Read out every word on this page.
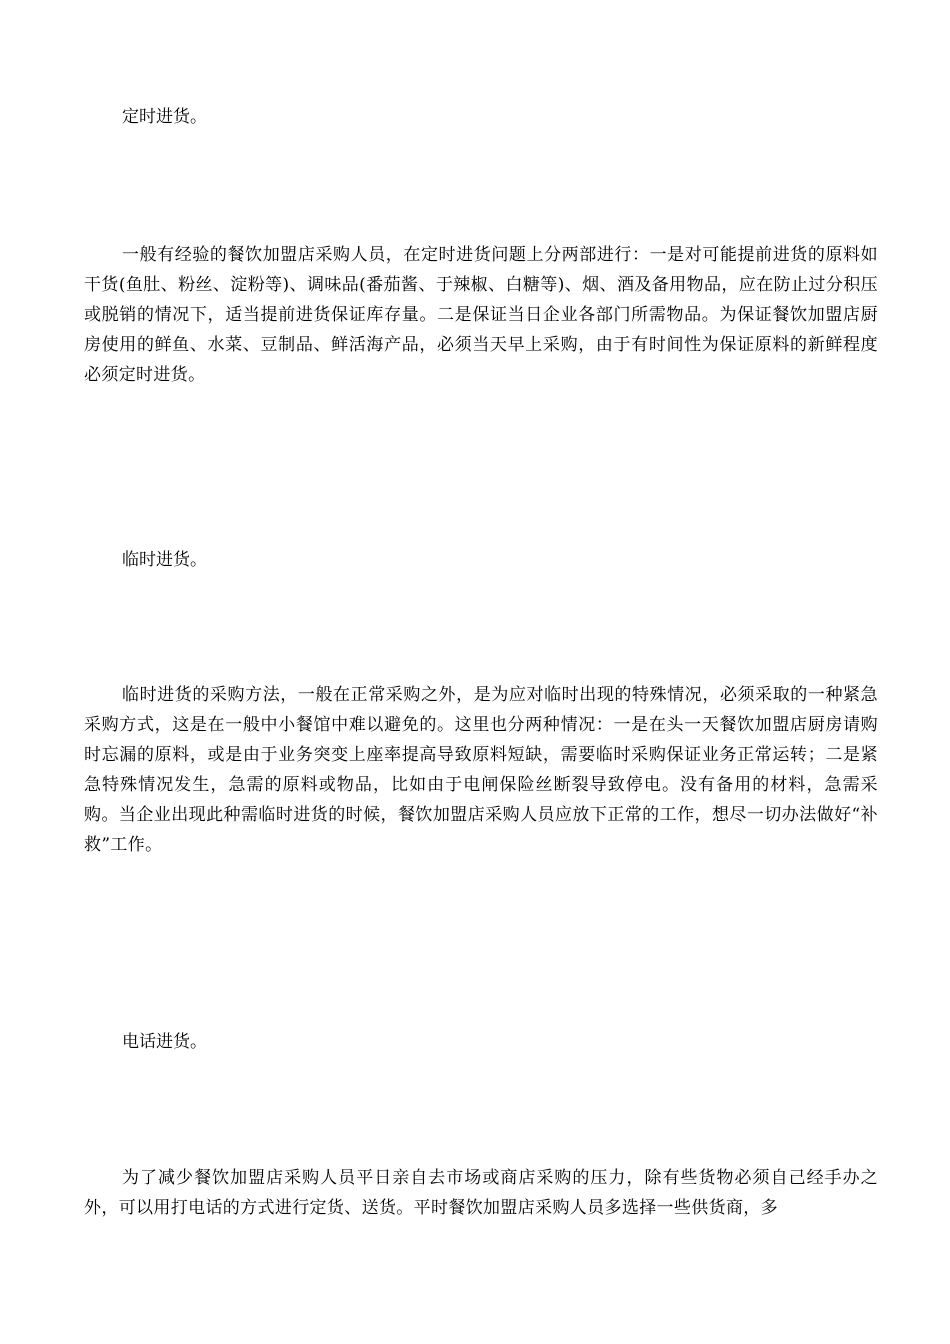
定时进货。

一般有经验的餐饮加盟店采购人员，在定时进货问题上分两部进行：一是对可能提前进货的原料如干货(鱼肚、粉丝、淀粉等)、调味品(番茄酱、于辣椒、白糖等)、烟、酒及备用物品，应在防止过分积压或脱销的情况下，适当提前进货保证库存量。二是保证当日企业各部门所需物品。为保证餐饮加盟店厨房使用的鲜鱼、水菜、豆制品、鲜活海产品，必须当天早上采购，由于有时间性为保证原料的新鲜程度必须定时进货。

临时进货。

临时进货的采购方法，一般在正常采购之外，是为应对临时出现的特殊情况，必须采取的一种紧急采购方式，这是在一般中小餐馆中难以避免的。这里也分两种情况：一是在头一天餐饮加盟店厨房请购时忘漏的原料，或是由于业务突变上座率提高导致原料短缺，需要临时采购保证业务正常运转；二是紧急特殊情况发生，急需的原料或物品，比如由于电闸保险丝断裂导致停电。没有备用的材料，急需采购。当企业出现此种需临时进货的时候，餐饮加盟店采购人员应放下正常的工作，想尽一切办法做好“补救”工作。

电话进货。

为了减少餐饮加盟店采购人员平日亲自去市场或商店采购的压力，除有些货物必须自己经手办之外，可以用打电话的方式进行定货、送货。平时餐饮加盟店采购人员多选择一些供货商，多
